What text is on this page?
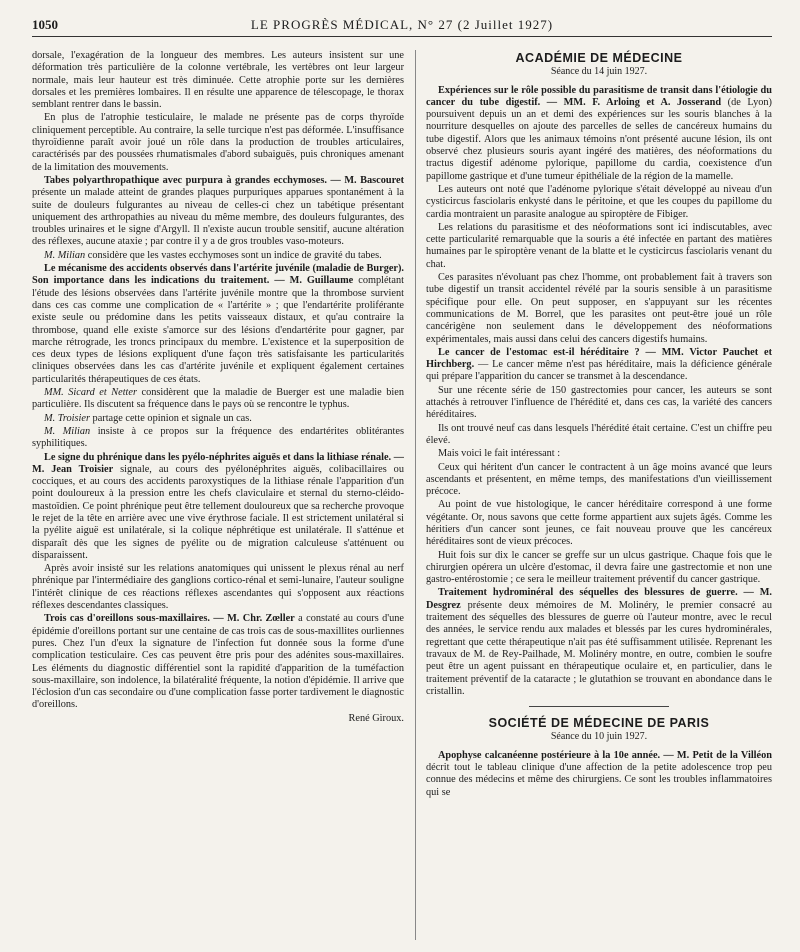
1050	LE PROGRÈS MÉDICAL, N° 27 (2 Juillet 1927)

dorsale, l'exagération de la longueur des membres. Les auteurs insistent sur une déformation très particulière de la colonne vertébrale, les vertèbres ont leur largeur normale, mais leur hauteur est très diminuée. Cette atrophie porte sur les dernières dorsales et les premières lombaires. Il en résulte une apparence de télescopage, le thorax semblant rentrer dans le bassin.

En plus de l'atrophie testiculaire, le malade ne présente pas de corps thyroïde cliniquement perceptible. Au contraire, la selle turcique n'est pas déformée. L'insuffisance thyroïdienne paraît avoir joué un rôle dans la production de troubles articulaires, caractérisés par des poussées rhumatismales d'abord subaiguës, puis chroniques amenant de la limitation des mouvements.

Tabes polyarthropathique avec purpura à grandes ecchymoses. — M. Bascouret présente un malade atteint de grandes plaques purpuriques apparues spontanément à la suite de douleurs fulgurantes au niveau de celles-ci chez un tabétique présentant uniquement des arthropathies au niveau du même membre, des douleurs fulgurantes, des troubles urinaires et le signe d'Argyll. Il n'existe aucun trouble sensitif, aucune altération des réflexes, aucune ataxie ; par contre il y a de gros troubles vaso-moteurs.

M. Milian considère que les vastes ecchymoses sont un indice de gravité du tabes.

Le mécanisme des accidents observés dans l'artérite juvénile (maladie de Burger). Son importance dans les indications du traitement. — M. Guillaume complétant l'étude des lésions observées dans l'artérite juvénile montre que la thrombose survient dans ces cas comme une complication de « l'artérite » ; que l'endartérite proliférante existe seule ou prédomine dans les petits vaisseaux distaux, et qu'au contraire la thrombose, quand elle existe s'amorce sur des lésions d'endartérite pour gagner, par marche rétrograde, les troncs principaux du membre. L'existence et la superposition de ces deux types de lésions expliquent d'une façon très satisfaisante les particularités cliniques observées dans les cas d'artérite juvénile et expliquent également certaines particularités thérapeutiques de ces états.

MM. Sicard et Netter considèrent que la maladie de Buerger est une maladie bien particulière. Ils discutent sa fréquence dans le pays où se rencontre le typhus.

M. Troisier partage cette opinion et signale un cas.

M. Milian insiste à ce propos sur la fréquence des endartérites oblitérantes syphilitiques.

Le signe du phrénique dans les pyélo-néphrites aiguës et dans la lithiase rénale. — M. Jean Troisier signale, au cours des pyélonéphrites aiguës, colibacillaires ou cocciques, et au cours des accidents paroxystiques de la lithiase rénale l'apparition d'un point douloureux à la pression entre les chefs claviculaire et sternal du sterno-cléido-mastoïdien. Ce point phrénique peut être tellement douloureux que sa recherche provoque le rejet de la tête en arrière avec une vive érythrose faciale. Il est strictement unilatéral si la pyélite aiguë est unilatérale, si la colique néphrétique est unilatérale. Il s'atténue et disparaît dès que les signes de pyélite ou de migration calculeuse s'atténuent ou disparaissent.

Après avoir insisté sur les relations anatomiques qui unissent le plexus rénal au nerf phrénique par l'intermédiaire des ganglions cortico-rénal et semi-lunaire, l'auteur souligne l'intérêt clinique de ces réactions réflexes ascendantes qui s'opposent aux réactions réflexes descendantes classiques.

Trois cas d'oreillons sous-maxillaires. — M. Chr. Zœller a constaté au cours d'une épidémie d'oreillons portant sur une centaine de cas trois cas de sous-maxillites ourliennes pures. Chez l'un d'eux la signature de l'infection fut donnée sous la forme d'une complication testiculaire. Ces cas peuvent être pris pour des adénites sous-maxillaires. Les éléments du diagnostic différentiel sont la rapidité d'apparition de la tuméfaction sous-maxillaire, son indolence, la bilatéralité fréquente, la notion d'épidémie. Il arrive que l'éclosion d'un cas secondaire ou d'une complication fasse porter tardivement le diagnostic d'oreillons.

René Giroux.
ACADÉMIE DE MÉDECINE
Séance du 14 juin 1927.

Expériences sur le rôle possible du parasitisme de transit dans l'étiologie du cancer du tube digestif. — MM. F. Arloing et A. Josserand (de Lyon) poursuivent depuis un an et demi des expériences sur les souris blanches à la nourriture desquelles on ajoute des parcelles de selles de cancéreux humains du tube digestif. Alors que les animaux témoins n'ont présenté aucune lésion, ils ont observé chez plusieurs souris ayant ingéré des matières, des néoformations du tractus digestif adénome pylorique, papillome du cardia, coexistence d'un papillome gastrique et d'une tumeur épithéliale de la région de la mamelle.

Les auteurs ont noté que l'adénome pylorique s'était développé au niveau d'un cysticircus fasciolaris enkysté dans le péritoine, et que les coupes du papillome du cardia montraient un parasite analogue au spiroptère de Fibiger.

Les relations du parasitisme et des néoformations sont ici indiscutables, avec cette particularité remarquable que la souris a été infectée en partant des matières humaines par le spiroptère venant de la blatte et le cysticircus fasciolaris venant du chat.

Ces parasites n'évoluant pas chez l'homme, ont probablement fait à travers son tube digestif un transit accidentel révélé par la souris sensible à un parasitisme spécifique pour elle. On peut supposer, en s'appuyant sur les récentes communications de M. Borrel, que les parasites ont peut-être joué un rôle cancérigène non seulement dans le développement des néoformations expérimentales, mais aussi dans celui des cancers digestifs humains.

Le cancer de l'estomac est-il héréditaire ? — MM. Victor Pauchet et Hirchberg. — Le cancer même n'est pas héréditaire, mais la déficience générale qui prépare l'apparition du cancer se transmet à la descendance.

Sur une récente série de 150 gastrectomies pour cancer, les auteurs se sont attachés à retrouver l'influence de l'hérédité et, dans ces cas, la variété des cancers héréditaires.

Ils ont trouvé neuf cas dans lesquels l'hérédité était certaine. C'est un chiffre peu élevé.

Mais voici le fait intéressant :

Ceux qui héritent d'un cancer le contractent à un âge moins avancé que leurs ascendants et présentent, en même temps, des manifestations d'un vieillissement précoce.

Au point de vue histologique, le cancer héréditaire correspond à une forme végétante. Or, nous savons que cette forme appartient aux sujets âgés. Comme les héritiers d'un cancer sont jeunes, ce fait nouveau prouve que les cancéreux héréditaires sont de vieux précoces.

Huit fois sur dix le cancer se greffe sur un ulcus gastrique. Chaque fois que le chirurgien opérera un ulcère d'estomac, il devra faire une gastrectomie et non une gastro-entérostomie ; ce sera le meilleur traitement préventif du cancer gastrique.

Traitement hydrominéral des séquelles des blessures de guerre. — M. Desgrez présente deux mémoires de M. Molinéry, le premier consacré au traitement des séquelles des blessures de guerre où l'auteur montre, avec le recul des années, le service rendu aux malades et blessés par les cures hydrominérales, regrettant que cette thérapeutique n'ait pas été suffisamment utilisée. Reprenant les travaux de M. de Rey-Pailhade, M. Molinéry montre, en outre, combien le soufre peut être un agent puissant en thérapeutique oculaire et, en particulier, dans le traitement préventif de la cataracte ; le glutathion se trouvant en abondance dans le cristallin.

SOCIÉTÉ DE MÉDECINE DE PARIS
Séance du 10 juin 1927.

Apophyse calcanéenne postérieure à la 10e année. — M. Petit de la Villéon décrit tout le tableau clinique d'une affection de la petite adolescence trop peu connue des médecins et même des chirurgiens. Ce sont les troubles inflammatoires qui se
